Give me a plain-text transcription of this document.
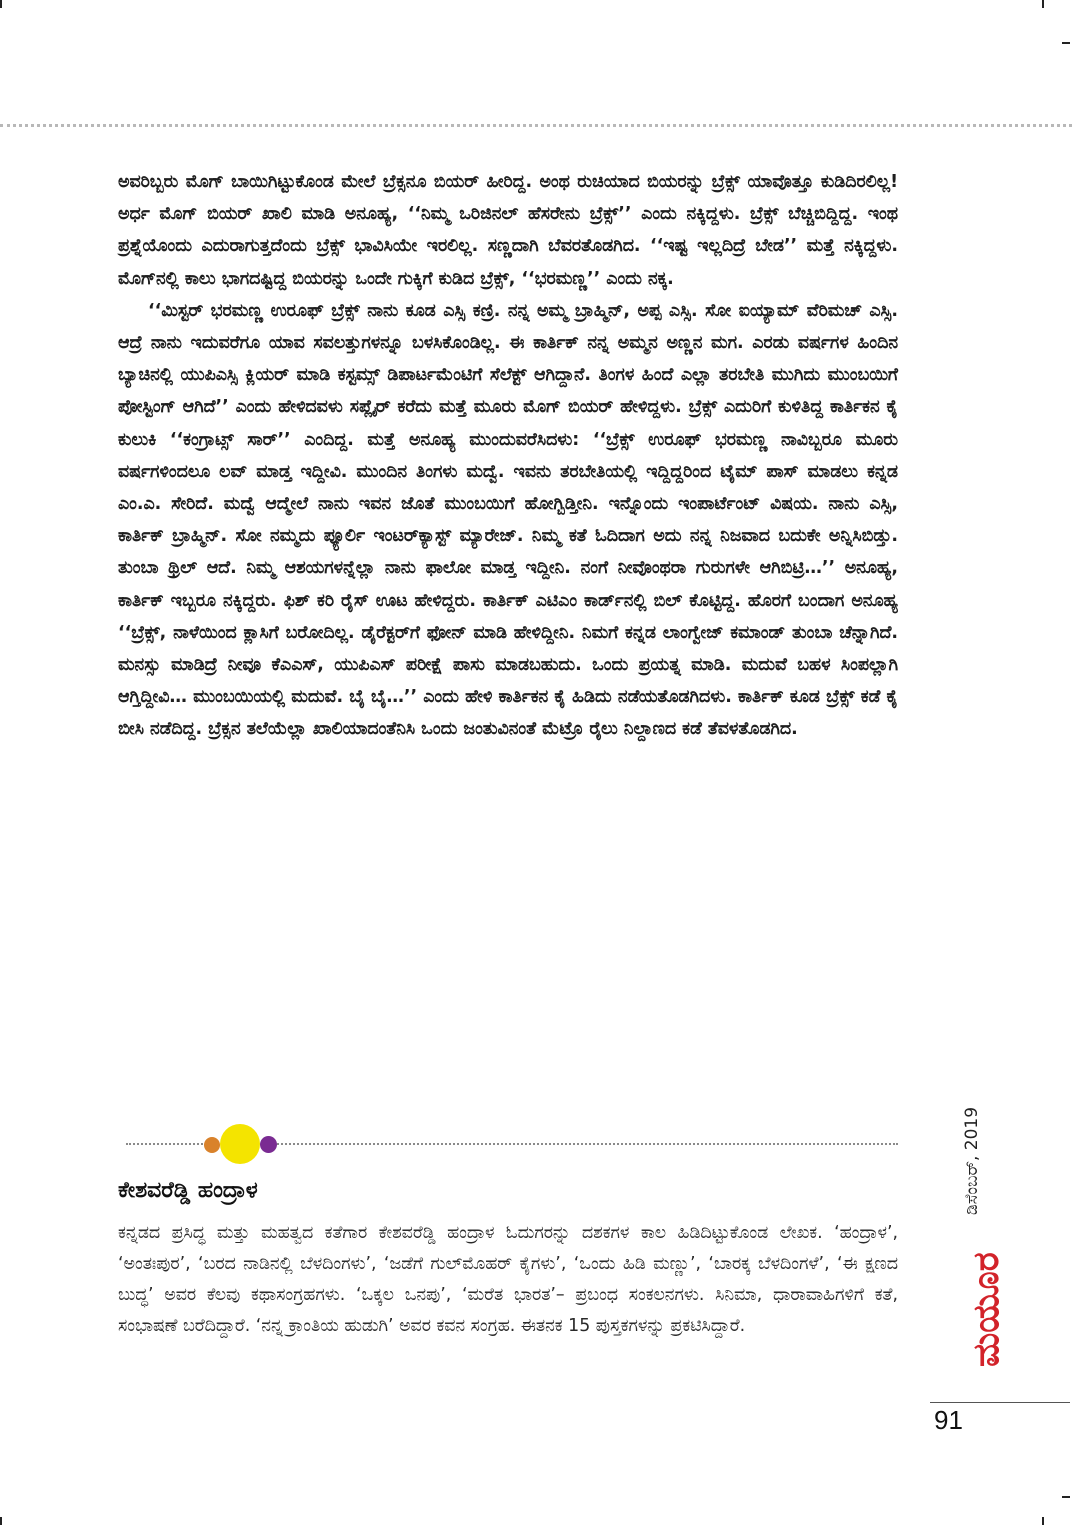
ಅವರಿಬ್ಬರು ಮೊಗ್ ಬಾಯಿಗಿಟ್ಟುಕೊಂಡ ಮೇಲೆ ಬ್ರೆಕ್ಸನೂ ಬಿಯರ್ ಹೀರಿದ್ದ. ಅಂಥ ರುಚಿಯಾದ ಬಿಯರನ್ನು ಬ್ರೆಕ್ಸ್ ಯಾವೊತ್ತೂ ಕುಡಿದಿರಲಿಲ್ಲ! ಅರ್ಧ ಮೊಗ್ ಬಿಯರ್ ಖಾಲಿ ಮಾಡಿ ಅನೂಹ್ಯ, ‘‘ನಿಮ್ಮ ಒರಿಜಿನಲ್ ಹೆಸರೇನು ಬ್ರೆಕ್ಸ್’’ ಎಂದು ನಕ್ಕಿದ್ದಳು. ಬ್ರೆಕ್ಸ್ ಬೆಚ್ಚಿಬಿದ್ದಿದ್ದ. ಇಂಥ ಪ್ರಶ್ನೆಯೊಂದು ಎದುರಾಗುತ್ತದೆಂದು ಬ್ರೆಕ್ಸ್ ಭಾವಿಸಿಯೇ ಇರಲಿಲ್ಲ. ಸಣ್ಣದಾಗಿ ಬೆವರತೊಡಗಿದ. ‘‘ಇಷ್ಟ ಇಲ್ಲದಿದ್ರೆ ಬೇಡ’’ ಮತ್ತೆ ನಕ್ಕಿದ್ದಳು. ಮೊಗ್‌ನಲ್ಲಿ ಕಾಲು ಭಾಗದಷ್ಟಿದ್ದ ಬಿಯರನ್ನು ಒಂದೇ ಗುಕ್ಕಿಗೆ ಕುಡಿದ ಬ್ರೆಕ್ಸ್, ‘‘ಭರಮಣ್ಣ’’ ಎಂದು ನಕ್ಕ.

‘‘ಮಿಸ್ಟರ್ ಭರಮಣ್ಣ ಉರೂಫ್ ಬ್ರೆಕ್ಸ್ ನಾನು ಕೂಡ ಎಸ್ಸಿ ಕಣ್ರಿ. ನನ್ನ ಅಮ್ಮ ಬ್ರಾಹ್ಮಿನ್, ಅಪ್ಪ ಎಸ್ಸಿ. ಸೋ ಐಯ್ಯಾಮ್ ವೆರಿಮಚ್ ಎಸ್ಸಿ. ಆದ್ರೆ ನಾನು ಇದುವರೆಗೂ ಯಾವ ಸವಲತ್ತುಗಳನ್ನೂ ಬಳಸಿಕೊಂಡಿಲ್ಲ. ಈ ಕಾರ್ತಿಕ್ ನನ್ನ ಅಮ್ಮನ ಅಣ್ಣನ ಮಗ. ಎರಡು ವರ್ಷಗಳ ಹಿಂದಿನ ಬ್ಯಾಚಿನಲ್ಲಿ ಯುಪಿಎಸ್ಸಿ ಕ್ಲಿಯರ್ ಮಾಡಿ ಕಸ್ಟಮ್ಸ್ ಡಿಪಾರ್ಟಮೆಂಟಿಗೆ ಸೆಲೆಕ್ಟ್ ಆಗಿದ್ದಾನೆ. ತಿಂಗಳ ಹಿಂದೆ ಎಲ್ಲಾ ತರಬೇತಿ ಮುಗಿದು ಮುಂಬಯಿಗೆ ಪೋಸ್ಟಿಂಗ್ ಆಗಿದೆ’’ ಎಂದು ಹೇಳಿದವಳು ಸಪ್ಲೈರ್ ಕರೆದು ಮತ್ತೆ ಮೂರು ಮೊಗ್ ಬಿಯರ್ ಹೇಳಿದ್ದಳು. ಬ್ರೆಕ್ಸ್ ಎದುರಿಗೆ ಕುಳಿತಿದ್ದ ಕಾರ್ತಿಕನ ಕೈ ಕುಲುಕಿ ‘‘ಕಂಗ್ರಾಟ್ಸ್ ಸಾರ್’’ ಎಂದಿದ್ದ. ಮತ್ತೆ ಅನೂಹ್ಯ ಮುಂದುವರೆಸಿದಳು: ‘‘ಬ್ರೆಕ್ಸ್ ಉರೂಫ್ ಭರಮಣ್ಣ ನಾವಿಬ್ಬರೂ ಮೂರು ವರ್ಷಗಳಿಂದಲೂ ಲವ್ ಮಾಡ್ತ ಇದ್ದೀವಿ. ಮುಂದಿನ ತಿಂಗಳು ಮದ್ವೆ. ಇವನು ತರಬೇತಿಯಲ್ಲಿ ಇದ್ದಿದ್ದರಿಂದ ಟೈಮ್ ಪಾಸ್ ಮಾಡಲು ಕನ್ನಡ ಎಂ.ಎ. ಸೇರಿದೆ. ಮದ್ವೆ ಆದ್ಮೇಲೆ ನಾನು ಇವನ ಜೊತೆ ಮುಂಬಯಿಗೆ ಹೋಗ್ಬಿಡ್ತೀನಿ. ಇನ್ನೊಂದು ಇಂಪಾರ್ಟೆಂಟ್ ವಿಷಯ. ನಾನು ಎಸ್ಸಿ, ಕಾರ್ತಿಕ್ ಬ್ರಾಹ್ಮಿನ್. ಸೋ ನಮ್ಮದು ಪ್ಯೂರ್ಲಿ ಇಂಟರ್‌ಕ್ಯಾಸ್ಟ್ ಮ್ಯಾರೇಜ್. ನಿಮ್ಮ ಕತೆ ಓದಿದಾಗ ಅದು ನನ್ನ ನಿಜವಾದ ಬದುಕೇ ಅನ್ನಿಸಿಬಿಡ್ತು. ತುಂಬಾ ಥ್ರಿಲ್ ಆದೆ. ನಿಮ್ಮ ಆಶಯಗಳನ್ನೆಲ್ಲಾ ನಾನು ಫಾಲೋ ಮಾಡ್ತ ಇದ್ದೀನಿ. ನಂಗೆ ನೀವೊಂಥರಾ ಗುರುಗಳೇ ಆಗಿಬಿಟ್ರಿ…’’ ಅನೂಹ್ಯ, ಕಾರ್ತಿಕ್ ಇಬ್ಬರೂ ನಕ್ಕಿದ್ದರು. ಫಿಶ್ ಕರಿ ರೈಸ್ ಊಟ ಹೇಳಿದ್ದರು. ಕಾರ್ತಿಕ್ ಎಟಿಎಂ ಕಾರ್ಡ್‌ನಲ್ಲಿ ಬಿಲ್ ಕೊಟ್ಟಿದ್ದ. ಹೊರಗೆ ಬಂದಾಗ ಅನೂಹ್ಯ ‘‘ಬ್ರೆಕ್ಸ್, ನಾಳೆಯಿಂದ ಕ್ಲಾಸಿಗೆ ಬರೋದಿಲ್ಲ. ಡೈರೆಕ್ಟರ್‌ಗೆ ಫೋನ್ ಮಾಡಿ ಹೇಳಿದ್ದೀನಿ. ನಿಮಗೆ ಕನ್ನಡ ಲಾಂಗ್ವೇಜ್ ಕಮಾಂಡ್ ತುಂಬಾ ಚೆನ್ನಾಗಿದೆ. ಮನಸ್ಸು ಮಾಡಿದ್ರೆ ನೀವೂ ಕೆಎಎಸ್, ಯುಪಿಎಸ್ ಪರೀಕ್ಷೆ ಪಾಸು ಮಾಡಬಹುದು. ಒಂದು ಪ್ರಯತ್ನ ಮಾಡಿ. ಮದುವೆ ಬಹಳ ಸಿಂಪಲ್ಲಾಗಿ ಆಗ್ತಿದ್ದೀವಿ… ಮುಂಬಯಿಯಲ್ಲಿ ಮದುವೆ. ಬೈ ಬೈ…’’ ಎಂದು ಹೇಳಿ ಕಾರ್ತಿಕನ ಕೈ ಹಿಡಿದು ನಡೆಯತೊಡಗಿದಳು. ಕಾರ್ತಿಕ್ ಕೂಡ ಬ್ರೆಕ್ಸ್ ಕಡೆ ಕೈ ಬೀಸಿ ನಡೆದಿದ್ದ. ಬ್ರೆಕ್ಸನ ತಲೆಯೆಲ್ಲಾ ಖಾಲಿಯಾದಂತೆನಿಸಿ ಒಂದು ಜಂತುವಿನಂತೆ ಮೆಟ್ರೊ ರೈಲು ನಿಲ್ದಾಣದ ಕಡೆ ತೆವಳತೊಡಗಿದ.

ಕೇಶವರೆಡ್ಡಿ ಹಂದ್ರಾಳ

ಕನ್ನಡದ ಪ್ರಸಿದ್ಧ ಮತ್ತು ಮಹತ್ವದ ಕತೆಗಾರ ಕೇಶವರೆಡ್ಡಿ ಹಂದ್ರಾಳ ಓದುಗರನ್ನು ದಶಕಗಳ ಕಾಲ ಹಿಡಿದಿಟ್ಟುಕೊಂಡ ಲೇಖಕ. ‘ಹಂದ್ರಾಳ’, ‘ಅಂತಃಪುರ’, ‘ಬರದ ನಾಡಿನಲ್ಲಿ ಬೆಳದಿಂಗಳು’, ‘ಜಡೆಗೆ ಗುಲ್‌ಮೊಹರ್ ಕೈಗಳು’, ‘ಒಂದು ಹಿಡಿ ಮಣ್ಣು’, ‘ಬಾರಕ್ಕ ಬೆಳದಿಂಗಳೆ’, ‘ಈ ಕ್ಷಣದ ಬುದ್ಧ’ ಅವರ ಕೆಲವು ಕಥಾಸಂಗ್ರಹಗಳು. ‘ಒಕ್ಕಲ ಒನಪು’, ‘ಮರೆತ ಭಾರತ’– ಪ್ರಬಂಧ ಸಂಕಲನಗಳು. ಸಿನಿಮಾ, ಧಾರಾವಾಹಿಗಳಿಗೆ ಕತೆ, ಸಂಭಾಷಣೆ ಬರೆದಿದ್ದಾರೆ. ‘ನನ್ನ ಕ್ರಾಂತಿಯ ಹುಡುಗಿ’ ಅವರ ಕವನ ಸಂಗ್ರಹ. ಈತನಕ 15 ಪುಸ್ತಕಗಳನ್ನು ಪ್ರಕಟಿಸಿದ್ದಾರೆ.

ಡಿಸೆಂಬರ್, 2019
ಮಯೂರ
91
